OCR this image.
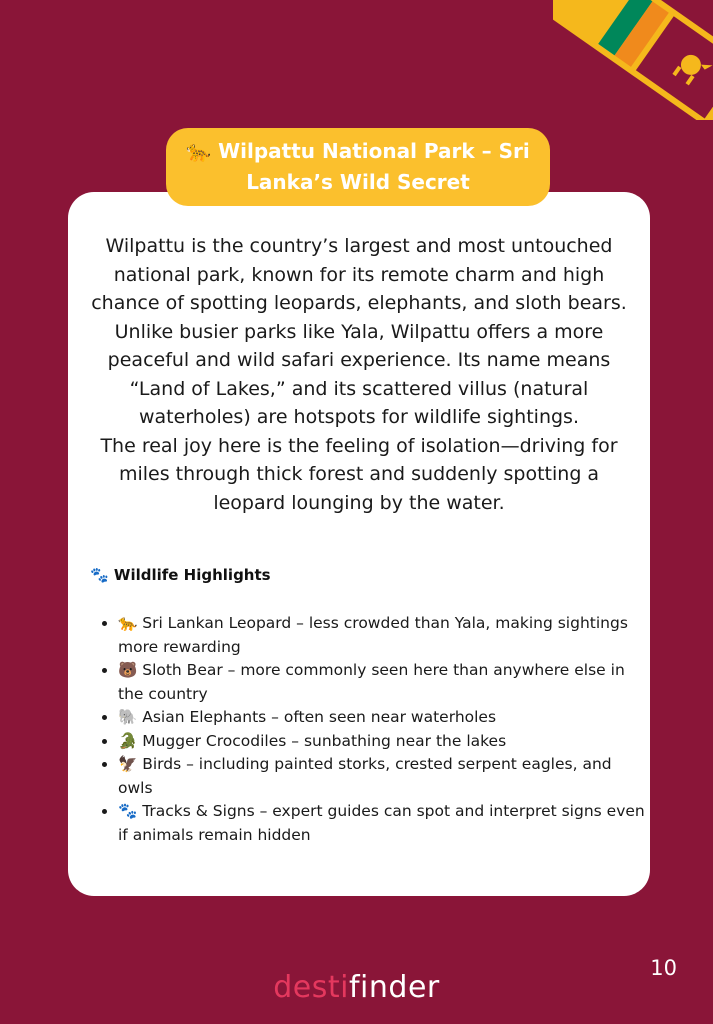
🐆 Wilpattu National Park – Sri Lanka’s Wild Secret

Wilpattu is the country’s largest and most untouched national park, known for its remote charm and high chance of spotting leopards, elephants, and sloth bears. Unlike busier parks like Yala, Wilpattu offers a more peaceful and wild safari experience. Its name means “Land of Lakes,” and its scattered villus (natural waterholes) are hotspots for wildlife sightings.

The real joy here is the feeling of isolation—driving for miles through thick forest and suddenly spotting a leopard lounging by the water.

🐾 Wildlife Highlights
• 🐆 Sri Lankan Leopard – less crowded than Yala, making sightings more rewarding
• 🐻 Sloth Bear – more commonly seen here than anywhere else in the country
• 🐘 Asian Elephants – often seen near waterholes
• 🐊 Mugger Crocodiles – sunbathing near the lakes
• 🦅 Birds – including painted storks, crested serpent eagles, and owls
• 🐾 Tracks & Signs – expert guides can spot and interpret signs even if animals remain hidden
10
destifinder
